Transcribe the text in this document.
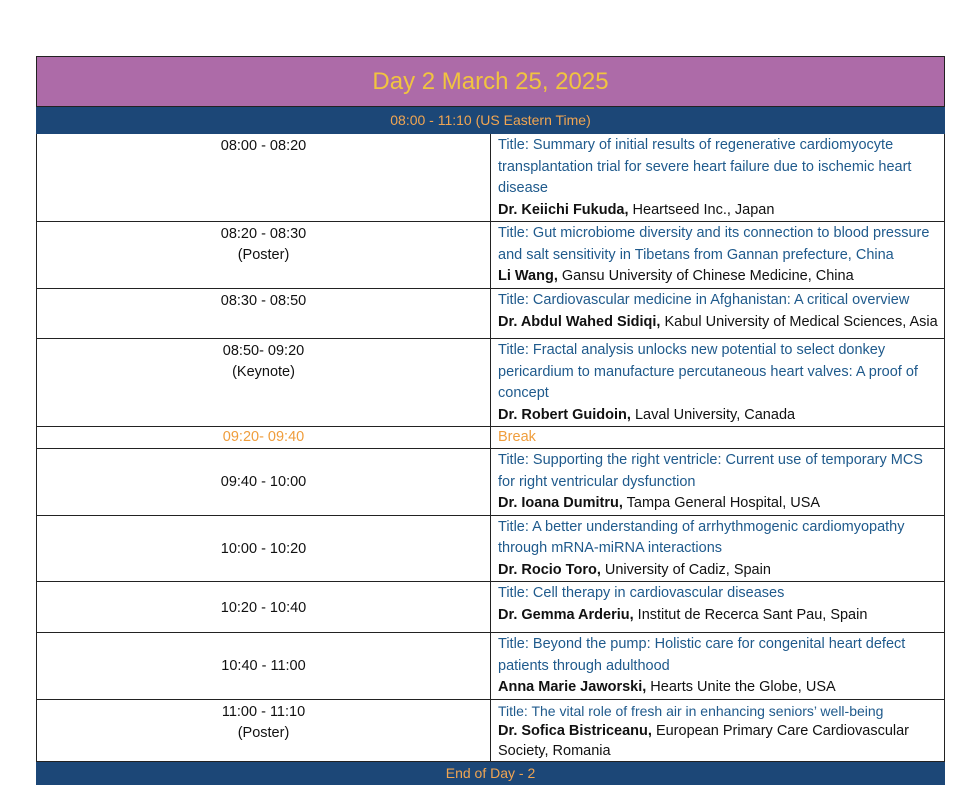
Day 2 March 25, 2025	
08:00 - 11:10 (US Eastern Time)	
08:00 - 08:20	Title: Summary of initial results of regenerative cardiomyocyte transplantation trial for severe heart failure due to ischemic heart disease
Dr. Keiichi Fukuda, Heartseed Inc., Japan

08:20 - 08:30
(Poster)	Title: Gut microbiome diversity and its connection to blood pressure and salt sensitivity in Tibetans from Gannan prefecture, China
Li Wang, Gansu University of Chinese Medicine, China

08:30 - 08:50	Title: Cardiovascular medicine in Afghanistan: A critical overview
Dr. Abdul Wahed Sidiqi, Kabul University of Medical Sciences, Asia

08:50- 09:20
(Keynote)	Title: Fractal analysis unlocks new potential to select donkey pericardium to manufacture percutaneous heart valves: A proof of concept
Dr. Robert Guidoin, Laval University, Canada

09:20- 09:40	Break
09:40 - 10:00	Title: Supporting the right ventricle: Current use of temporary MCS for right ventricular dysfunction
Dr. Ioana Dumitru, Tampa General Hospital, USA

10:00 - 10:20	Title: A better understanding of arrhythmogenic cardiomyopathy through mRNA-miRNA interactions
Dr. Rocio Toro, University of Cadiz, Spain

10:20 - 10:40	Title: Cell therapy in cardiovascular diseases
Dr. Gemma Arderiu, Institut de Recerca Sant Pau, Spain

10:40 - 11:00	Title: Beyond the pump: Holistic care for congenital heart defect patients through adulthood
Anna Marie Jaworski, Hearts Unite the Globe, USA

11:00 - 11:10
(Poster)	Title: The vital role of fresh air in enhancing seniors’ well-being
Dr. Sofica Bistriceanu, European Primary Care Cardiovascular Society, Romania

End of Day - 2	
